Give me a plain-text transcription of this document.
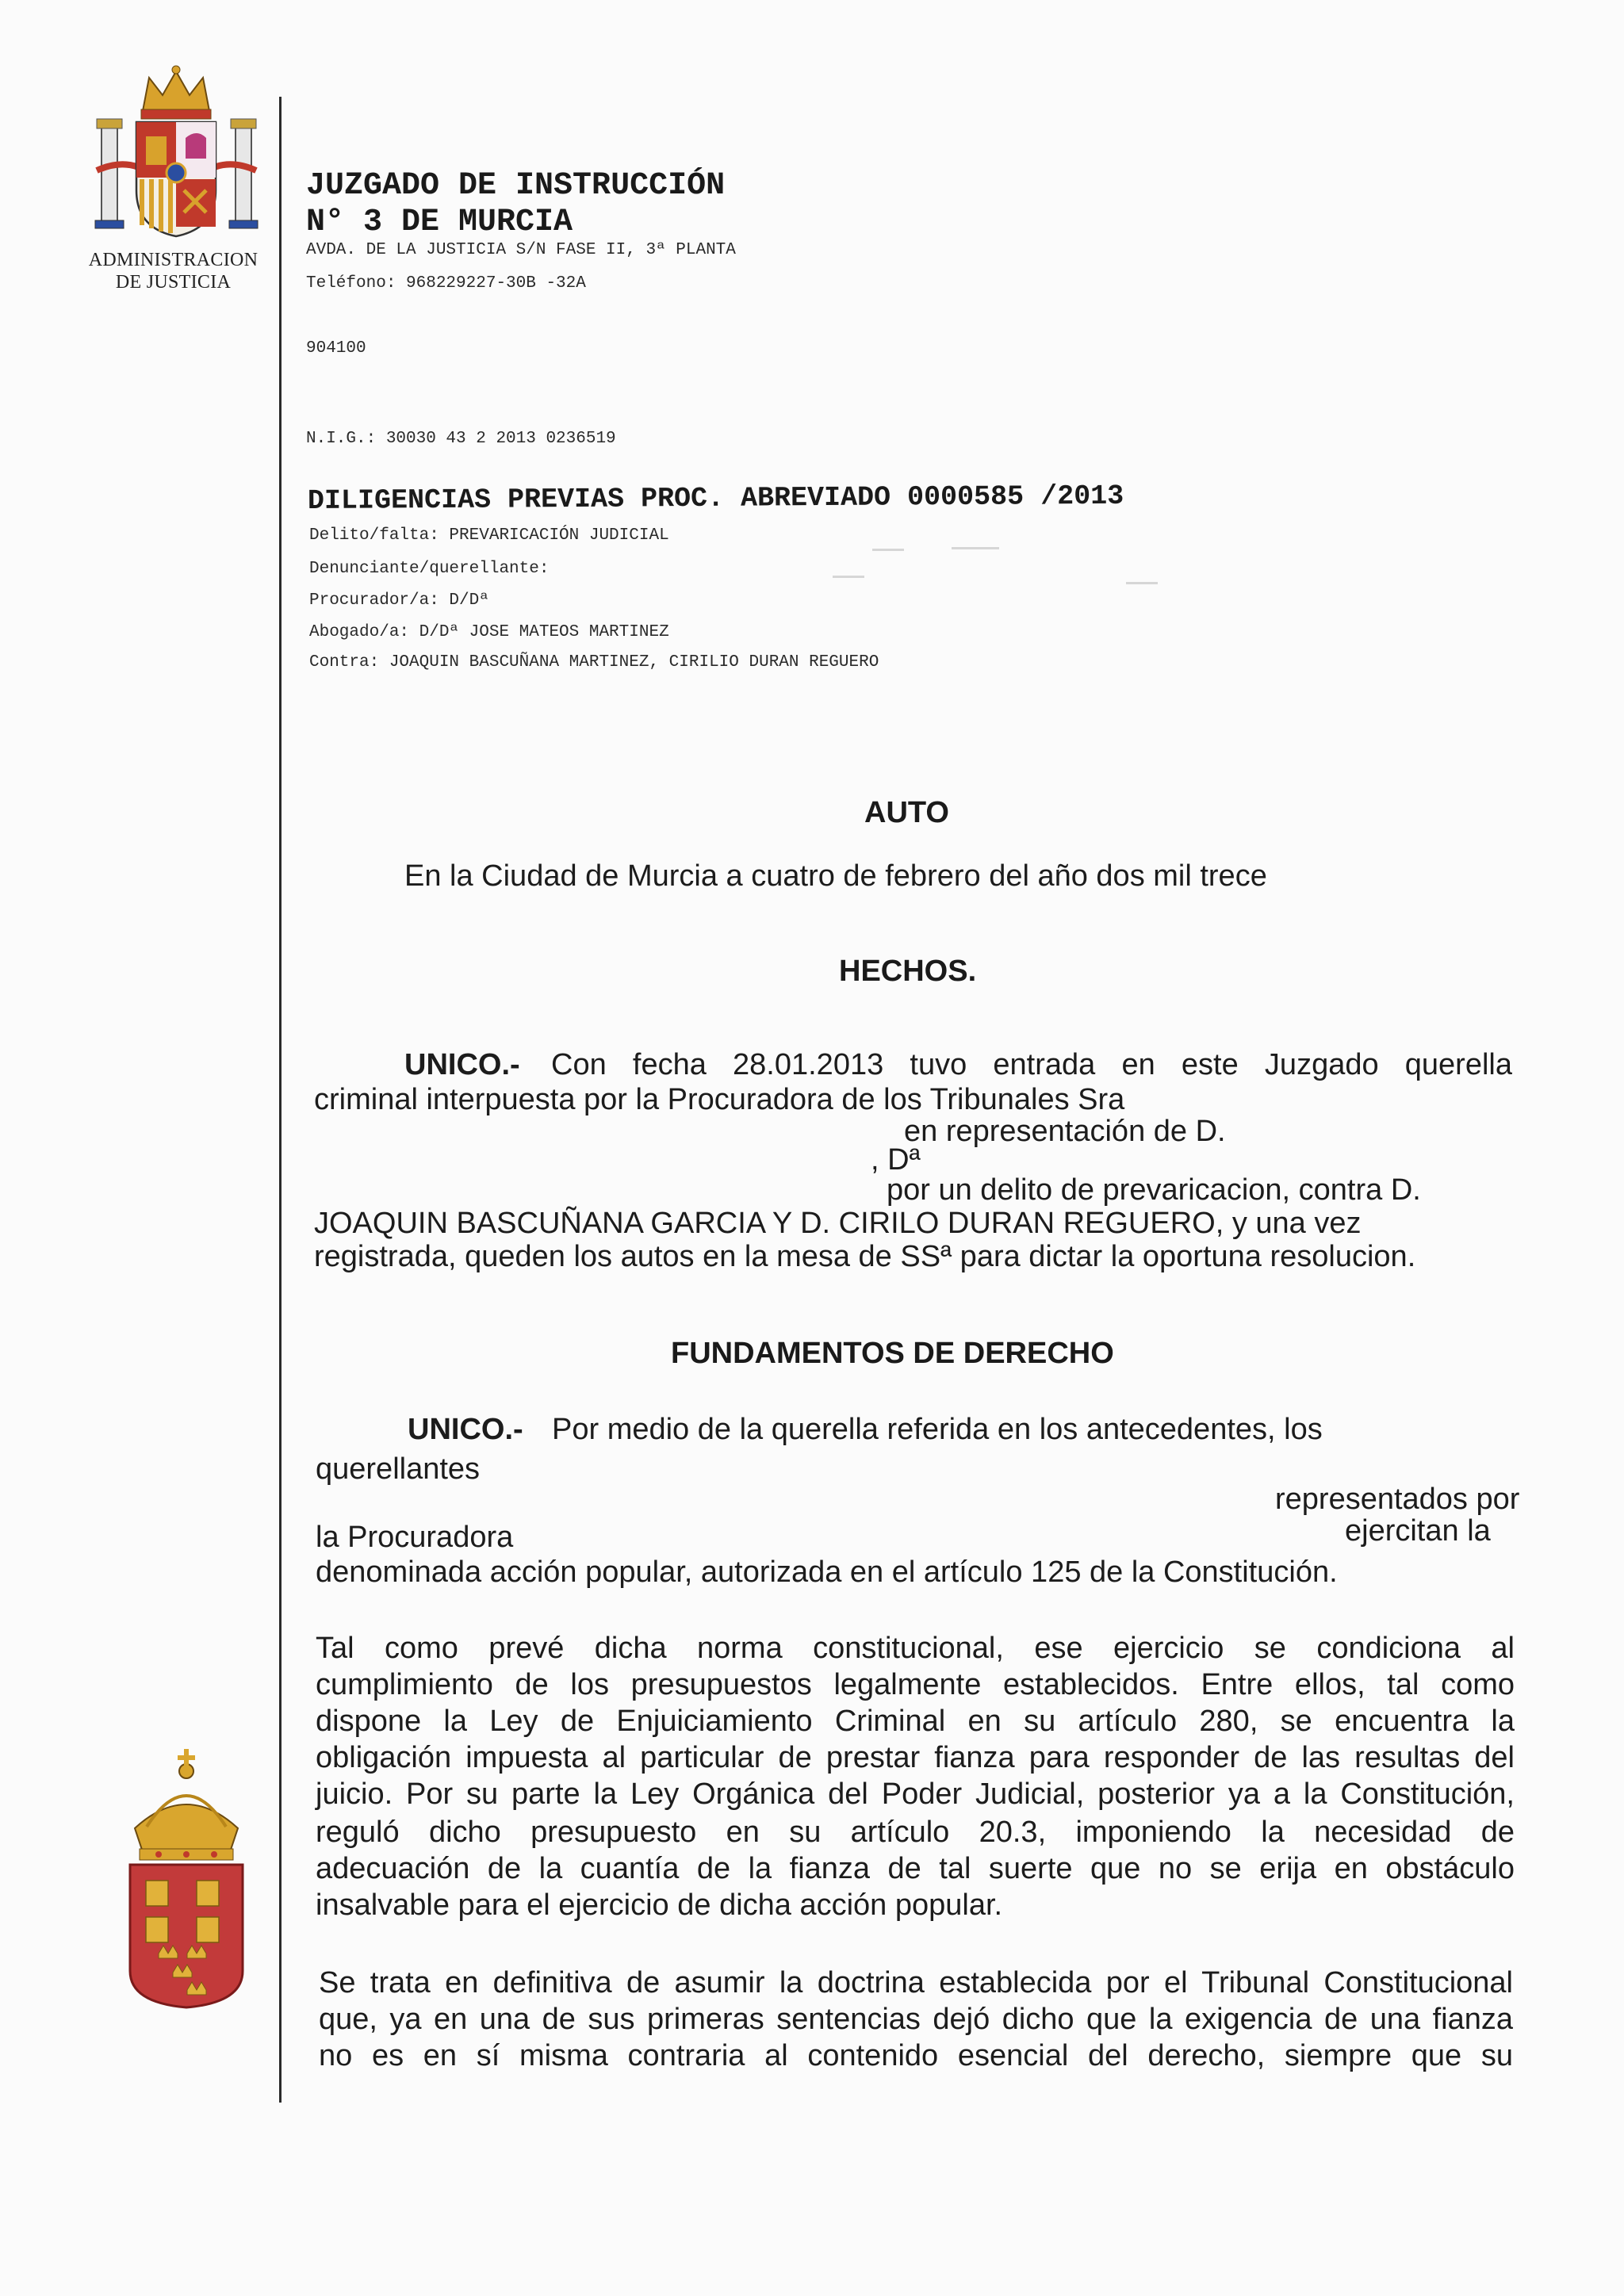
ADMINISTRACION
DE JUSTICIA
JUZGADO DE INSTRUCCIÓN
N° 3 DE MURCIA
AVDA. DE LA JUSTICIA S/N FASE II, 3ª PLANTA
Teléfono: 968229227-30B -32A
904100
N.I.G.: 30030 43 2 2013 0236519
DILIGENCIAS PREVIAS PROC. ABREVIADO 0000585 /2013
Delito/falta: PREVARICACIÓN JUDICIAL
Denunciante/querellante:
Procurador/a: D/Dª
Abogado/a: D/Dª JOSE MATEOS MARTINEZ
Contra: JOAQUIN BASCUÑANA MARTINEZ, CIRILIO DURAN REGUERO
AUTO
En la Ciudad de Murcia a cuatro de febrero del año dos mil trece
HECHOS.
UNICO.- Con fecha 28.01.2013 tuvo entrada en este Juzgado querella
criminal interpuesta por la Procuradora de los Tribunales Sra
en representación de D.
, Dª
por un delito de prevaricacion, contra D.
JOAQUIN BASCUÑANA GARCIA Y D. CIRILO DURAN REGUERO, y una vez
registrada, queden los autos en la mesa de SSª para dictar la oportuna resolucion.
FUNDAMENTOS DE DERECHO
UNICO.- Por medio de la querella referida en los antecedentes, los
querellantes
representados por
la Procuradora	ejercitan la
denominada acción popular, autorizada en el artículo 125 de la Constitución.
Tal como prevé dicha norma constitucional, ese ejercicio se condiciona al
cumplimiento de los presupuestos legalmente establecidos. Entre ellos, tal como
dispone la Ley de Enjuiciamiento Criminal en su artículo 280, se encuentra la
obligación impuesta al particular de prestar fianza para responder de las resultas del
juicio. Por su parte la Ley Orgánica del Poder Judicial, posterior ya a la Constitución,
reguló dicho presupuesto en su artículo 20.3, imponiendo la necesidad de
adecuación de la cuantía de la fianza de tal suerte que no se erija en obstáculo
insalvable para el ejercicio de dicha acción popular.
Se trata en definitiva de asumir la doctrina establecida por el Tribunal Constitucional
que, ya en una de sus primeras sentencias dejó dicho que la exigencia de una fianza
no es en sí misma contraria al contenido esencial del derecho, siempre que su
